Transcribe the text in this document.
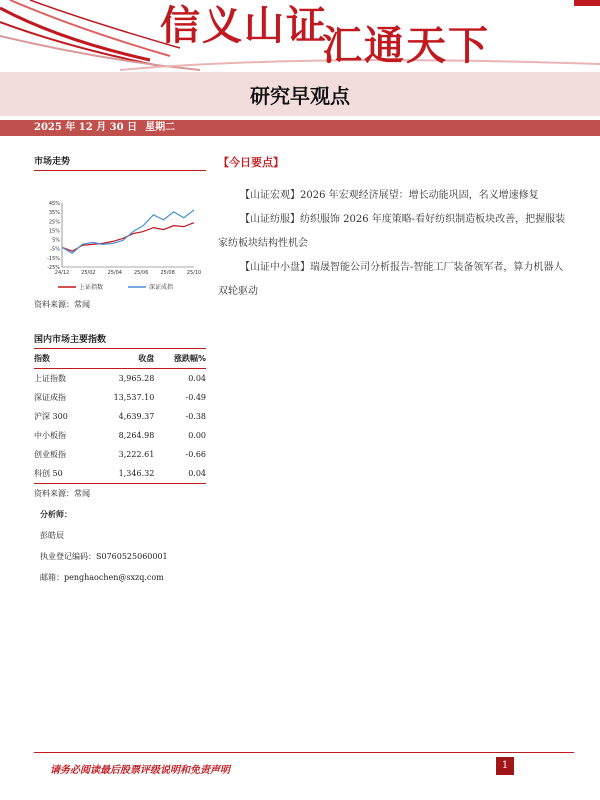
信义山证
汇通天下
研究早观点
2025 年 12 月 30 日 星期二
市场走势
45%
35%
25%
15%
5%
-5%
-15%
-25%
24/12 25/02 25/04 25/06 25/08 25/10
上证指数	深证成指
资料来源：常闻
国内市场主要指数
指数	收盘	涨跌幅%
上证指数	3,965.28	0.04
深证成指	13,537.10	-0.49
沪深 300	4,639.37	-0.38
中小板指	8,264.98	0.00
创业板指	3,222.61	-0.66
科创 50	1,346.32	0.04
资料来源：常闻
分析师：
彭皓辰
执业登记编码：S0760525060001
邮箱：penghaochen@sxzq.com
【今日要点】
【山证宏观】2026 年宏观经济展望：增长动能巩固，名义增速修复
【山证纺服】纺织服饰 2026 年度策略-看好纺织制造板块改善，把握服装家纺板块结构性机会
【山证中小盘】瑞晟智能公司分析报告-智能工厂装备领军者，算力机器人双轮驱动
请务必阅读最后股票评级说明和免责声明	1
